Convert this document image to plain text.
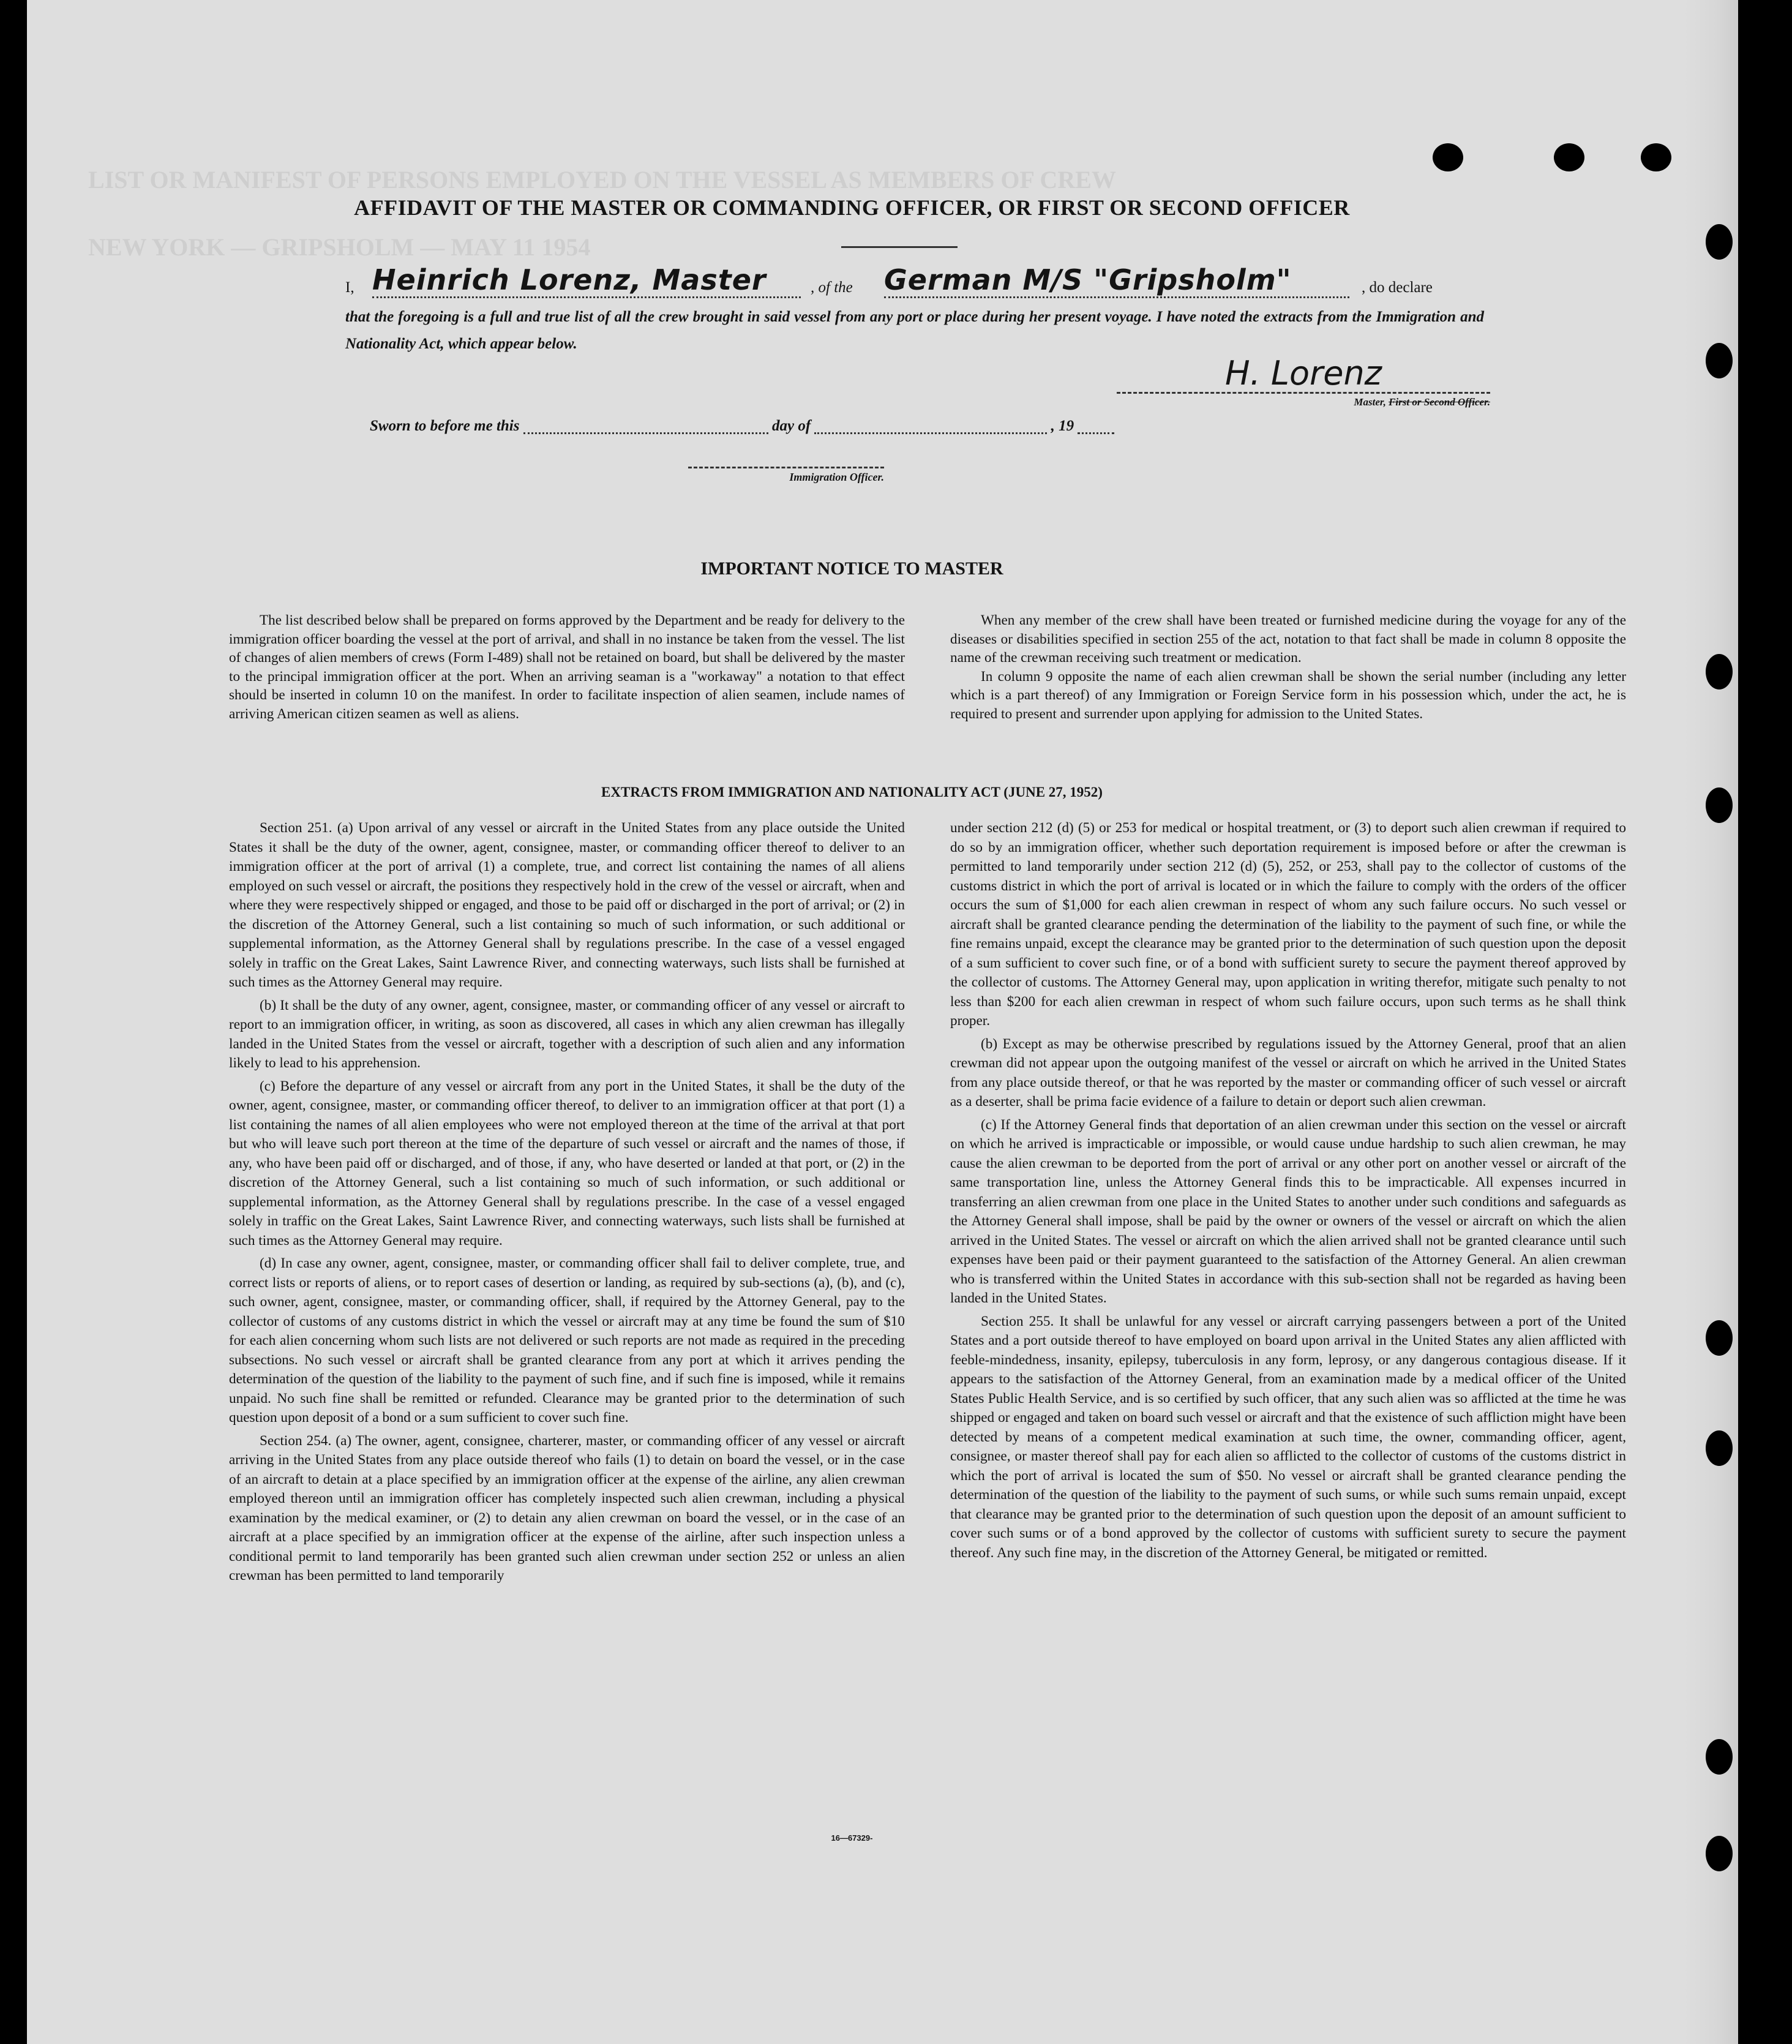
LIST OR MANIFEST OF PERSONS EMPLOYED ON THE VESSEL AS MEMBERS OF CREW
NEW YORK — GRIPSHOLM — MAY 11 1954
AFFIDAVIT OF THE MASTER OR COMMANDING OFFICER, OR FIRST OR SECOND OFFICER
I, Heinrich Lorenz, Master	, of the German M/S "Gripsholm"	, do declare

that the foregoing is a full and true list of all the crew brought in said vessel from any port or place during her present voyage. I have noted the extracts from the Immigration and Nationality Act, which appear below.

H. Lorenz
Master, First or Second Officer.
Sworn to before me this	day of	, 19
Immigration Officer.
IMPORTANT NOTICE TO MASTER

The list described below shall be prepared on forms approved by the Department and be ready for delivery to the immigration officer boarding the vessel at the port of arrival, and shall in no instance be taken from the vessel. The list of changes of alien members of crews (Form I-489) shall not be retained on board, but shall be delivered by the master to the principal immigration officer at the port. When an arriving seaman is a "workaway" a notation to that effect should be inserted in column 10 on the manifest. In order to facilitate inspection of alien seamen, include names of arriving American citizen seamen as well as aliens.

When any member of the crew shall have been treated or furnished medicine during the voyage for any of the diseases or disabilities specified in section 255 of the act, notation to that fact shall be made in column 8 opposite the name of the crewman receiving such treatment or medication.

In column 9 opposite the name of each alien crewman shall be shown the serial number (including any letter which is a part thereof) of any Immigration or Foreign Service form in his possession which, under the act, he is required to present and surrender upon applying for admission to the United States.

EXTRACTS FROM IMMIGRATION AND NATIONALITY ACT (JUNE 27, 1952)

Section 251. (a) Upon arrival of any vessel or aircraft in the United States from any place outside the United States it shall be the duty of the owner, agent, consignee, master, or commanding officer thereof to deliver to an immigration officer at the port of arrival (1) a complete, true, and correct list containing the names of all aliens employed on such vessel or aircraft, the positions they respectively hold in the crew of the vessel or aircraft, when and where they were respectively shipped or engaged, and those to be paid off or discharged in the port of arrival; or (2) in the discretion of the Attorney General, such a list containing so much of such information, or such additional or supplemental information, as the Attorney General shall by regulations prescribe. In the case of a vessel engaged solely in traffic on the Great Lakes, Saint Lawrence River, and connecting waterways, such lists shall be furnished at such times as the Attorney General may require.

(b) It shall be the duty of any owner, agent, consignee, master, or commanding officer of any vessel or aircraft to report to an immigration officer, in writing, as soon as discovered, all cases in which any alien crewman has illegally landed in the United States from the vessel or aircraft, together with a description of such alien and any information likely to lead to his apprehension.

(c) Before the departure of any vessel or aircraft from any port in the United States, it shall be the duty of the owner, agent, consignee, master, or commanding officer thereof, to deliver to an immigration officer at that port (1) a list containing the names of all alien employees who were not employed thereon at the time of the arrival at that port but who will leave such port thereon at the time of the departure of such vessel or aircraft and the names of those, if any, who have been paid off or discharged, and of those, if any, who have deserted or landed at that port, or (2) in the discretion of the Attorney General, such a list containing so much of such information, or such additional or supplemental information, as the Attorney General shall by regulations prescribe. In the case of a vessel engaged solely in traffic on the Great Lakes, Saint Lawrence River, and connecting waterways, such lists shall be furnished at such times as the Attorney General may require.

(d) In case any owner, agent, consignee, master, or commanding officer shall fail to deliver complete, true, and correct lists or reports of aliens, or to report cases of desertion or landing, as required by sub-sections (a), (b), and (c), such owner, agent, consignee, master, or commanding officer, shall, if required by the Attorney General, pay to the collector of customs of any customs district in which the vessel or aircraft may at any time be found the sum of $10 for each alien concerning whom such lists are not delivered or such reports are not made as required in the preceding subsections. No such vessel or aircraft shall be granted clearance from any port at which it arrives pending the determination of the question of the liability to the payment of such fine, and if such fine is imposed, while it remains unpaid. No such fine shall be remitted or refunded. Clearance may be granted prior to the determination of such question upon deposit of a bond or a sum sufficient to cover such fine.

Section 254. (a) The owner, agent, consignee, charterer, master, or commanding officer of any vessel or aircraft arriving in the United States from any place outside thereof who fails (1) to detain on board the vessel, or in the case of an aircraft to detain at a place specified by an immigration officer at the expense of the airline, any alien crewman employed thereon until an immigration officer has completely inspected such alien crewman, including a physical examination by the medical examiner, or (2) to detain any alien crewman on board the vessel, or in the case of an aircraft at a place specified by an immigration officer at the expense of the airline, after such inspection unless a conditional permit to land temporarily has been granted such alien crewman under section 252 or unless an alien crewman has been permitted to land temporarily

under section 212 (d) (5) or 253 for medical or hospital treatment, or (3) to deport such alien crewman if required to do so by an immigration officer, whether such deportation requirement is imposed before or after the crewman is permitted to land temporarily under section 212 (d) (5), 252, or 253, shall pay to the collector of customs of the customs district in which the port of arrival is located or in which the failure to comply with the orders of the officer occurs the sum of $1,000 for each alien crewman in respect of whom any such failure occurs. No such vessel or aircraft shall be granted clearance pending the determination of the liability to the payment of such fine, or while the fine remains unpaid, except the clearance may be granted prior to the determination of such question upon the deposit of a sum sufficient to cover such fine, or of a bond with sufficient surety to secure the payment thereof approved by the collector of customs. The Attorney General may, upon application in writing therefor, mitigate such penalty to not less than $200 for each alien crewman in respect of whom such failure occurs, upon such terms as he shall think proper.

(b) Except as may be otherwise prescribed by regulations issued by the Attorney General, proof that an alien crewman did not appear upon the outgoing manifest of the vessel or aircraft on which he arrived in the United States from any place outside thereof, or that he was reported by the master or commanding officer of such vessel or aircraft as a deserter, shall be prima facie evidence of a failure to detain or deport such alien crewman.

(c) If the Attorney General finds that deportation of an alien crewman under this section on the vessel or aircraft on which he arrived is impracticable or impossible, or would cause undue hardship to such alien crewman, he may cause the alien crewman to be deported from the port of arrival or any other port on another vessel or aircraft of the same transportation line, unless the Attorney General finds this to be impracticable. All expenses incurred in transferring an alien crewman from one place in the United States to another under such conditions and safeguards as the Attorney General shall impose, shall be paid by the owner or owners of the vessel or aircraft on which the alien arrived in the United States. The vessel or aircraft on which the alien arrived shall not be granted clearance until such expenses have been paid or their payment guaranteed to the satisfaction of the Attorney General. An alien crewman who is transferred within the United States in accordance with this sub-section shall not be regarded as having been landed in the United States.

Section 255. It shall be unlawful for any vessel or aircraft carrying passengers between a port of the United States and a port outside thereof to have employed on board upon arrival in the United States any alien afflicted with feeble-mindedness, insanity, epilepsy, tuberculosis in any form, leprosy, or any dangerous contagious disease. If it appears to the satisfaction of the Attorney General, from an examination made by a medical officer of the United States Public Health Service, and is so certified by such officer, that any such alien was so afflicted at the time he was shipped or engaged and taken on board such vessel or aircraft and that the existence of such affliction might have been detected by means of a competent medical examination at such time, the owner, commanding officer, agent, consignee, or master thereof shall pay for each alien so afflicted to the collector of customs of the customs district in which the port of arrival is located the sum of $50. No vessel or aircraft shall be granted clearance pending the determination of the question of the liability to the payment of such sums, or while such sums remain unpaid, except that clearance may be granted prior to the determination of such question upon the deposit of an amount sufficient to cover such sums or of a bond approved by the collector of customs with sufficient surety to secure the payment thereof. Any such fine may, in the discretion of the Attorney General, be mitigated or remitted.

16—67329-
